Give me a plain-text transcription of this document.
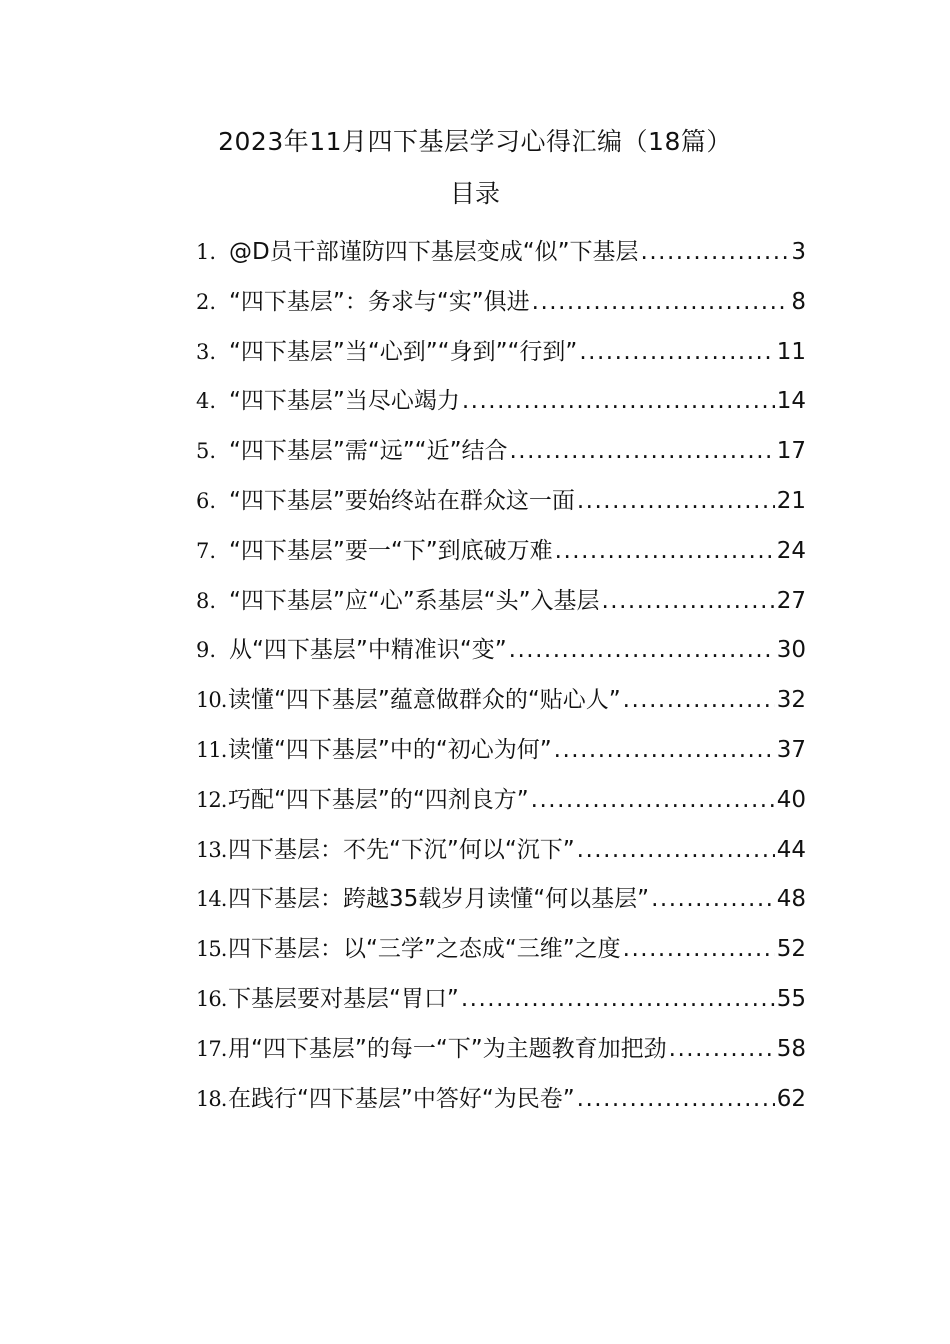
2023年11月四下基层学习心得汇编（18篇）
目录
1. @D员干部谨防四下基层变成“似”下基层 .....	3
2. “四下基层”：务求与“实”俱进 .....	8
3. “四下基层”当“心到”“身到”“行到” .....	11
4. “四下基层”当尽心竭力 .....	14
5. “四下基层”需“远”“近”结合 .....	17
6. “四下基层”要始终站在群众这一面 .....	21
7. “四下基层”要一“下”到底破万难 .....	24
8. “四下基层”应“心”系基层“头”入基层 .....	27
9. 从“四下基层”中精准识“变” .....	30
10. 读懂“四下基层”蕴意做群众的“贴心人” .....	32
11. 读懂“四下基层”中的“初心为何” .....	37
12. 巧配“四下基层”的“四剂良方” .....	40
13. 四下基层：不先“下沉”何以“沉下” .....	44
14. 四下基层：跨越35载岁月读懂“何以基层” .....	48
15. 四下基层：以“三学”之态成“三维”之度 .....	52
16. 下基层要对基层“胃口” .....	55
17. 用“四下基层”的每一“下”为主题教育加把劲 .....	58
18. 在践行“四下基层”中答好“为民卷” .....	62
